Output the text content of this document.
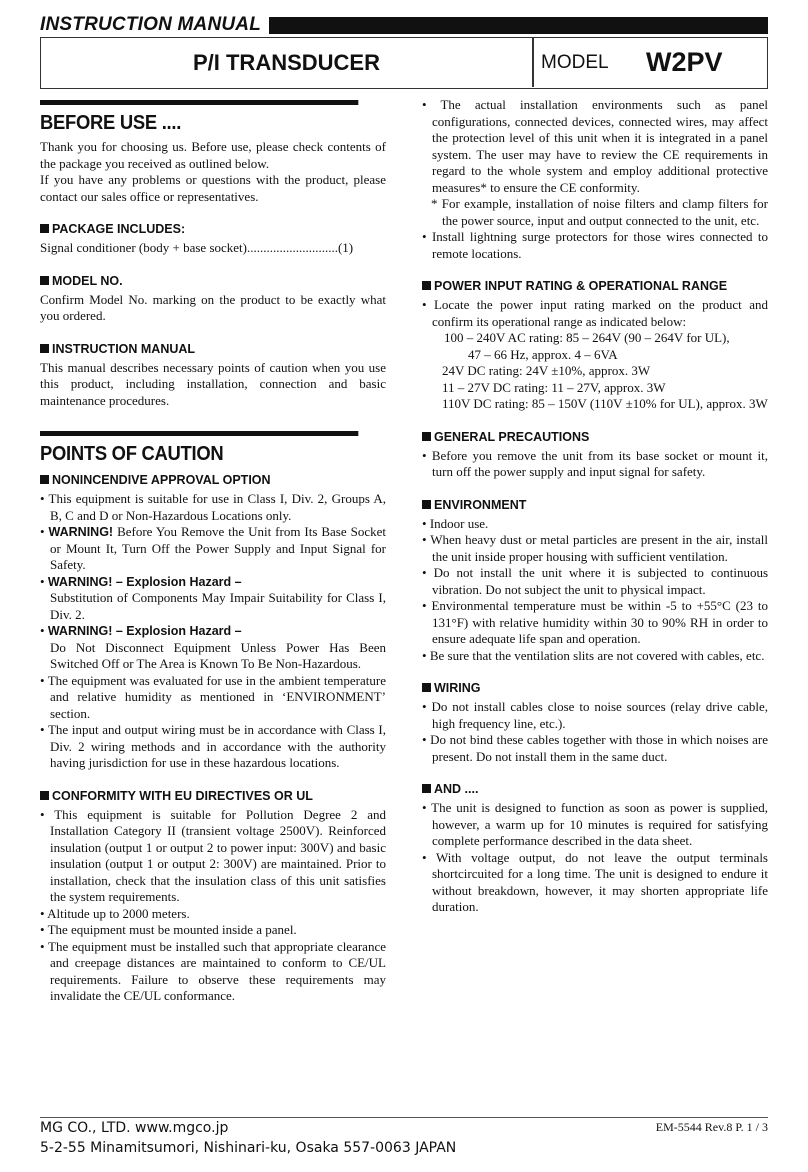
INSTRUCTION MANUAL
P/I TRANSDUCER	MODEL W2PV
BEFORE USE ....

Thank you for choosing us. Before use, please check contents of the package you received as outlined below.

If you have any problems or questions with the product, please contact our sales office or representatives.

PACKAGE INCLUDES:

Signal conditioner (body + base socket)............................(1)

MODEL NO.

Confirm Model No. marking on the product to be exactly what you ordered.

INSTRUCTION MANUAL

This manual describes necessary points of caution when you use this product, including installation, connection and basic maintenance procedures.

POINTS OF CAUTION
NONINCENDIVE APPROVAL OPTION
• This equipment is suitable for use in Class I, Div. 2, Groups A, B, C and D or Non-Hazardous Locations only.
• WARNING! Before You Remove the Unit from Its Base Socket or Mount It, Turn Off the Power Supply and Input Signal for Safety.
• WARNING! – Explosion Hazard –
Substitution of Components May Impair Suitability for Class I, Div. 2.
• WARNING! – Explosion Hazard –
Do Not Disconnect Equipment Unless Power Has Been Switched Off or The Area is Known To Be Non-Hazardous.
• The equipment was evaluated for use in the ambient temperature and relative humidity as mentioned in ‘ENVIRONMENT’ section.
• The input and output wiring must be in accordance with Class I, Div. 2 wiring methods and in accordance with the authority having jurisdiction for use in these hazardous locations.
CONFORMITY WITH EU DIRECTIVES OR UL
• This equipment is suitable for Pollution Degree 2 and Installation Category II (transient voltage 2500V). Reinforced insulation (output 1 or output 2 to power input: 300V) and basic insulation (output 1 or output 2: 300V) are maintained. Prior to installation, check that the insulation class of this unit satisfies the system requirements.
• Altitude up to 2000 meters.
• The equipment must be mounted inside a panel.
• The equipment must be installed such that appropriate clearance and creepage distances are maintained to conform to CE/UL requirements. Failure to observe these requirements may invalidate the CE/UL conformance.
• The actual installation environments such as panel configurations, connected devices, connected wires, may affect the protection level of this unit when it is integrated in a panel system. The user may have to review the CE requirements in regard to the whole system and employ additional protective measures* to ensure the CE conformity.
* For example, installation of noise filters and clamp filters for the power source, input and output connected to the unit, etc.
• Install lightning surge protectors for those wires connected to remote locations.
POWER INPUT RATING & OPERATIONAL RANGE
• Locate the power input rating marked on the product and confirm its operational range as indicated below:
100 – 240V AC rating: 85 – 264V (90 – 264V for UL),
47 – 66 Hz, approx. 4 – 6VA
24V DC rating: 24V ±10%, approx. 3W
11 – 27V DC rating: 11 – 27V, approx. 3W
110V DC rating: 85 – 150V (110V ±10% for UL), approx. 3W
GENERAL PRECAUTIONS
• Before you remove the unit from its base socket or mount it, turn off the power supply and input signal for safety.
ENVIRONMENT
• Indoor use.
• When heavy dust or metal particles are present in the air, install the unit inside proper housing with sufficient ventilation.
• Do not install the unit where it is subjected to continuous vibration. Do not subject the unit to physical impact.
• Environmental temperature must be within -5 to +55°C (23 to 131°F) with relative humidity within 30 to 90% RH in order to ensure adequate life span and operation.
• Be sure that the ventilation slits are not covered with cables, etc.
WIRING
• Do not install cables close to noise sources (relay drive cable, high frequency line, etc.).
• Do not bind these cables together with those in which noises are present. Do not install them in the same duct.
AND ....
• The unit is designed to function as soon as power is supplied, however, a warm up for 10 minutes is required for satisfying complete performance described in the data sheet.
• With voltage output, do not leave the output terminals shortcircuited for a long time. The unit is designed to endure it without breakdown, however, it may shorten appropriate life duration.
MG CO., LTD. www.mgco.jp
5-2-55 Minamitsumori, Nishinari-ku, Osaka 557-0063 JAPAN
EM-5544 Rev.8 P. 1 / 3
